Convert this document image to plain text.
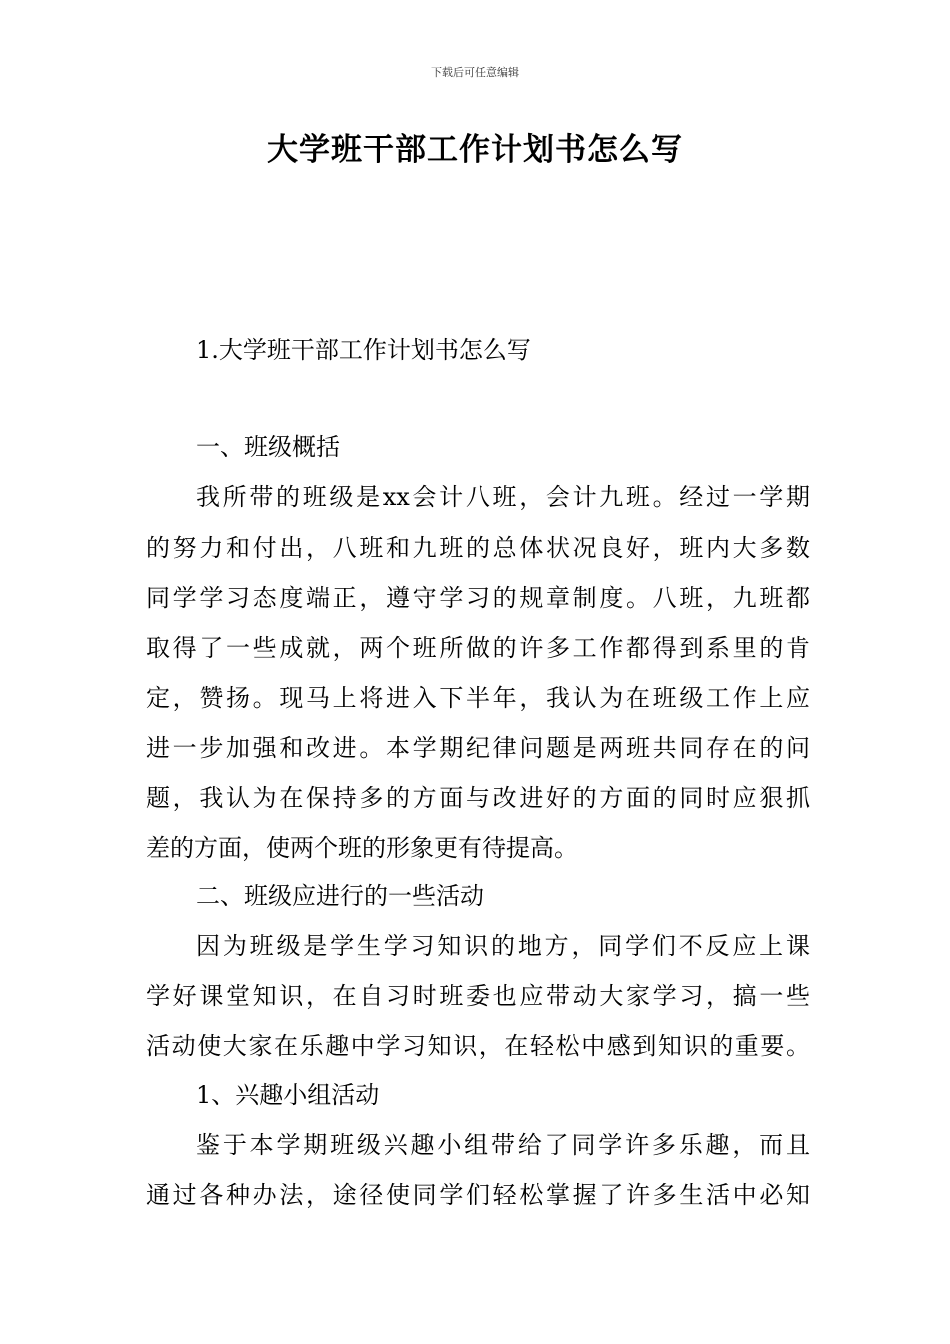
下载后可任意编辑
大学班干部工作计划书怎么写
1.大学班干部工作计划书怎么写
一、班级概括
我所带的班级是xx会计八班，会计九班。经过一学期
的努力和付出，八班和九班的总体状况良好，班内大多数
同学学习态度端正，遵守学习的规章制度。八班，九班都
取得了一些成就，两个班所做的许多工作都得到系里的肯
定，赞扬。现马上将进入下半年，我认为在班级工作上应
进一步加强和改进。本学期纪律问题是两班共同存在的问
题，我认为在保持多的方面与改进好的方面的同时应狠抓
差的方面，使两个班的形象更有待提高。
二、班级应进行的一些活动
因为班级是学生学习知识的地方，同学们不反应上课
学好课堂知识，在自习时班委也应带动大家学习，搞一些
活动使大家在乐趣中学习知识，在轻松中感到知识的重要。
1、兴趣小组活动
鉴于本学期班级兴趣小组带给了同学许多乐趣，而且
通过各种办法，途径使同学们轻松掌握了许多生活中必知
